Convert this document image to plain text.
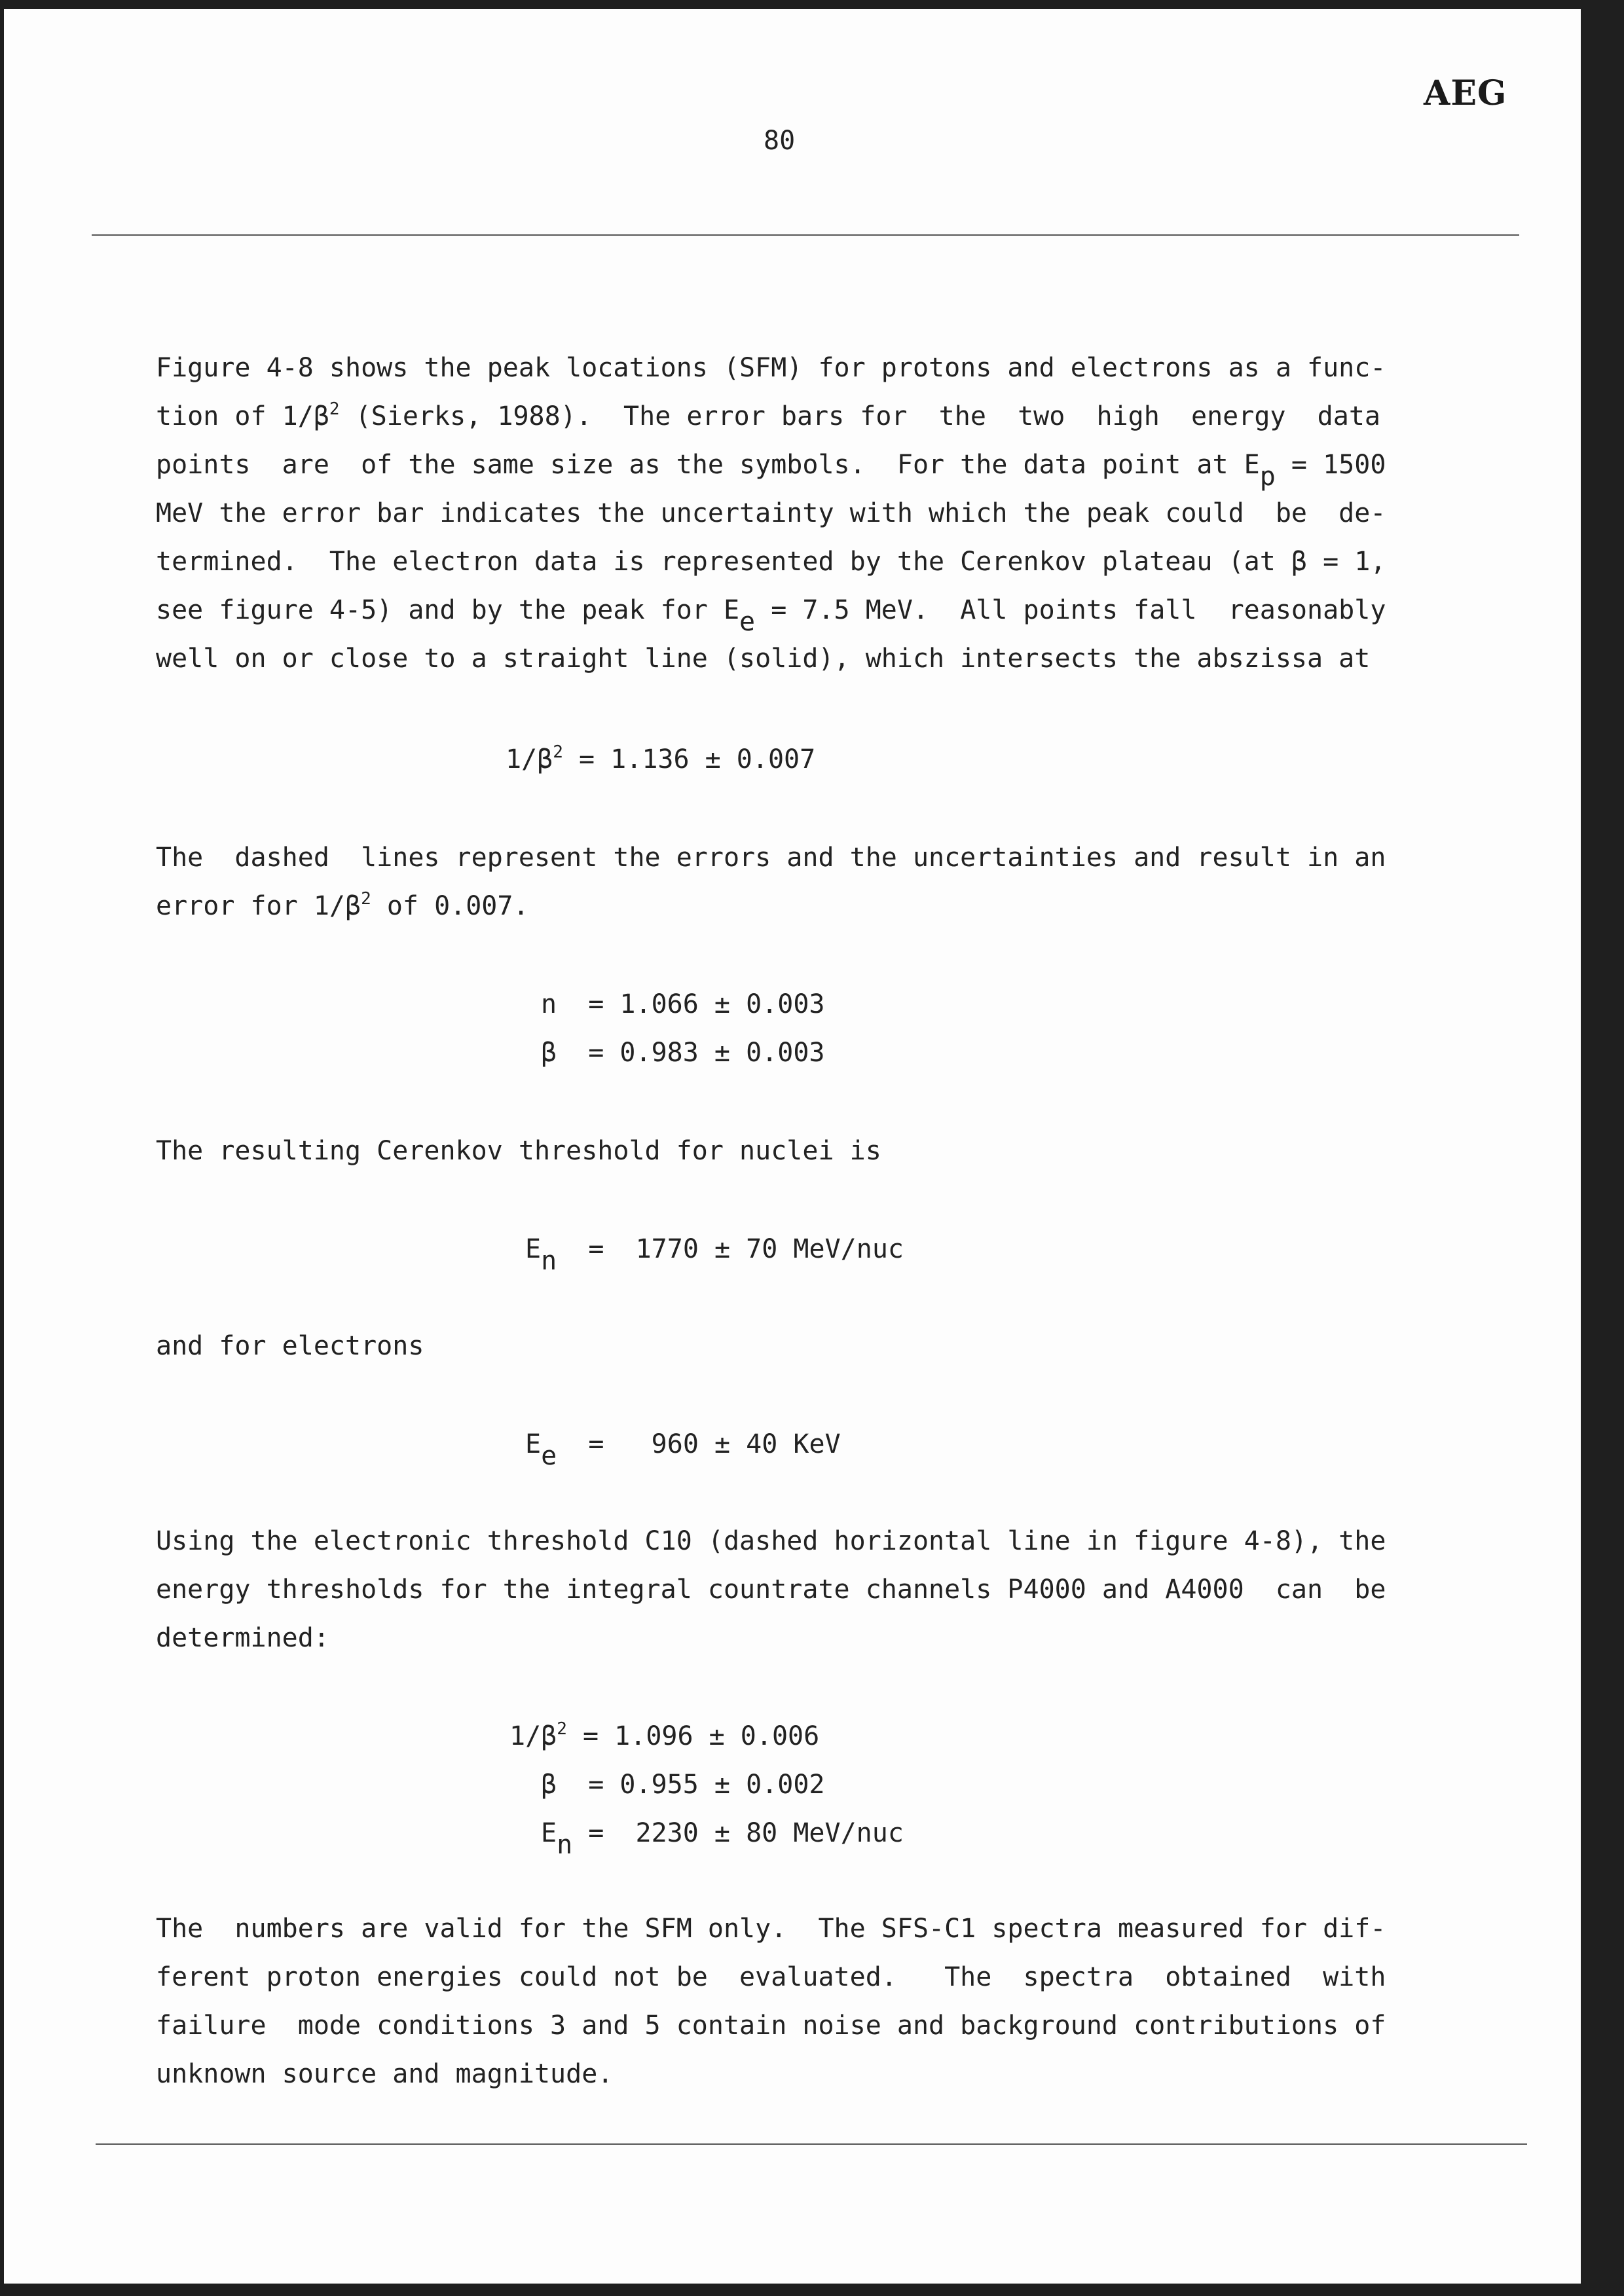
AEG
80
Figure 4-8 shows the peak locations (SFM) for protons and electrons as a func-
tion of $1/\beta^2$ (Sierks, 1988).  The error bars for  the  two  high  energy  data
points  are  of the same size as the symbols.  For the data point at $E_p = 1500$
MeV the error bar indicates the uncertainty with which the peak could  be  de-
termined.  The electron data is represented by the Cerenkov plateau (at β = 1,
see figure 4-5) and by the peak for $E_e = 7.5$ MeV.  All points fall  reasonably
well on or close to a straight line (solid), which intersects the abszissa at
$1/\beta^2 = 1.136 \pm 0.007$
The  dashed  lines represent the errors and the uncertainties and result in an
error for $1/\beta^2$ of 0.007.
n  = 1.066 ± 0.003
β  = 0.983 ± 0.003
The resulting Cerenkov threshold for nuclei is
$E_n = 1770 \pm 70$ MeV/nuc
and for electrons
$E_e = 960 \pm 40$ KeV
Using the electronic threshold C10 (dashed horizontal line in figure 4-8), the
energy thresholds for the integral countrate channels P4000 and A4000  can  be
determined:
$1/\beta^2 = 1.096 \pm 0.006$
β  = 0.955 ± 0.002
$E_n = 2230 \pm 80$ MeV/nuc
The  numbers are valid for the SFM only.  The SFS-C1 spectra measured for dif-
ferent proton energies could not be  evaluated.   The  spectra  obtained  with
failure  mode conditions 3 and 5 contain noise and background contributions of
unknown source and magnitude.
